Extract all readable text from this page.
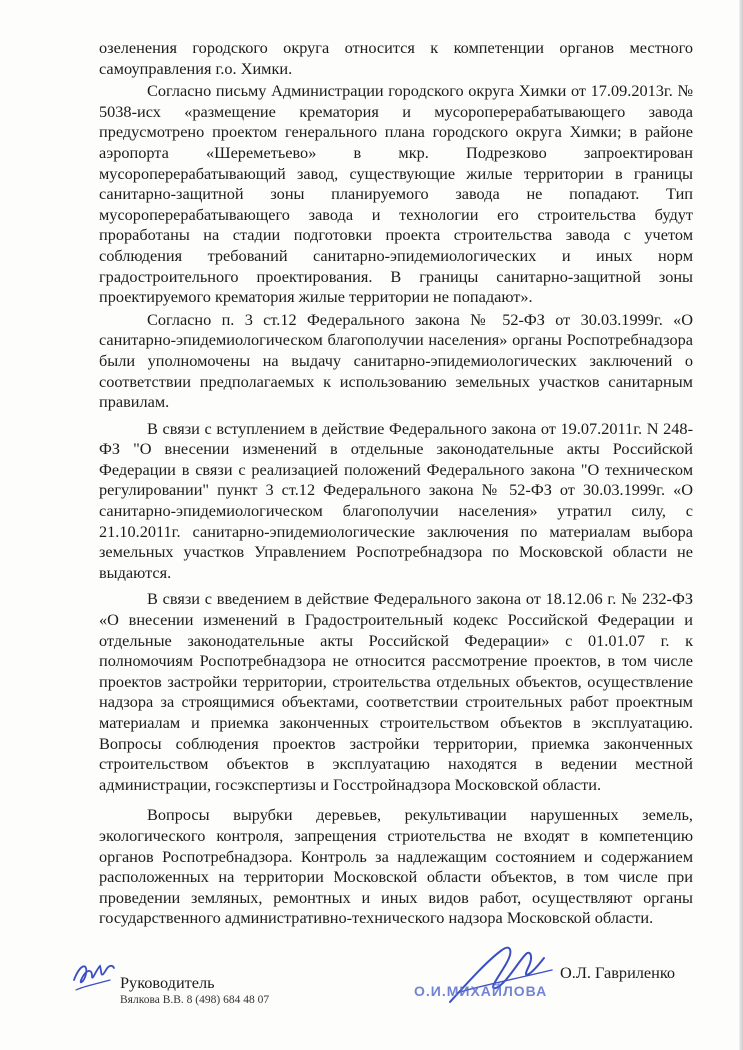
озеленения городского округа относится к компетенции органов местного самоуправления г.о. Химки.

Согласно письму Администрации городского округа Химки от 17.09.2013г. № 5038-исх «размещение крематория и мусороперерабатывающего завода предусмотрено проектом генерального плана городского округа Химки; в районе аэропорта «Шереметьево» в мкр. Подрезково запроектирован мусороперерабатывающий завод, существующие жилые территории в границы санитарно-защитной зоны планируемого завода не попадают. Тип мусороперерабатывающего завода и технологии его строительства будут проработаны на стадии подготовки проекта строительства завода с учетом соблюдения требований санитарно-эпидемиологических и иных норм градостроительного проектирования. В границы санитарно-защитной зоны проектируемого крематория жилые территории не попадают».

Согласно п. 3 ст.12 Федерального закона № 52-ФЗ от 30.03.1999г. «О санитарно-эпидемиологическом благополучии населения» органы Роспотребнадзора были уполномочены на выдачу санитарно-эпидемиологических заключений о соответствии предполагаемых к использованию земельных участков санитарным правилам.

В связи с вступлением в действие Федерального закона от 19.07.2011г. N 248-ФЗ "О внесении изменений в отдельные законодательные акты Российской Федерации в связи с реализацией положений Федерального закона "О техническом регулировании" пункт 3 ст.12 Федерального закона № 52-ФЗ от 30.03.1999г. «О санитарно-эпидемиологическом благополучии населения» утратил силу, с 21.10.2011г. санитарно-эпидемиологические заключения по материалам выбора земельных участков Управлением Роспотребнадзора по Московской области не выдаются.

В связи с введением в действие Федерального закона от 18.12.06 г. № 232-ФЗ «О внесении изменений в Градостроительный кодекс Российской Федерации и отдельные законодательные акты Российской Федерации» с 01.01.07 г. к полномочиям Роспотребнадзора не относится рассмотрение проектов, в том числе проектов застройки территории, строительства отдельных объектов, осуществление надзора за строящимися объектами, соответствии строительных работ проектным материалам и приемка законченных строительством объектов в эксплуатацию. Вопросы соблюдения проектов застройки территории, приемка законченных строительством объектов в эксплуатацию находятся в ведении местной администрации, госэкспертизы и Госстройнадзора Московской области.

Вопросы вырубки деревьев, рекультивации нарушенных земель, экологического контроля, запрещения стриотельства не входят в компетенцию органов Роспотребнадзора. Контроль за надлежащим состоянием и содержанием расположенных на территории Московской области объектов, в том числе при проведении земляных, ремонтных и иных видов работ, осуществляют органы государственного административно-технического надзора Московской области.

Руководитель
Вялкова В.В. 8 (498) 684 48 07
О.И.МИХАЙЛОВА
О.Л. Гавриленко
